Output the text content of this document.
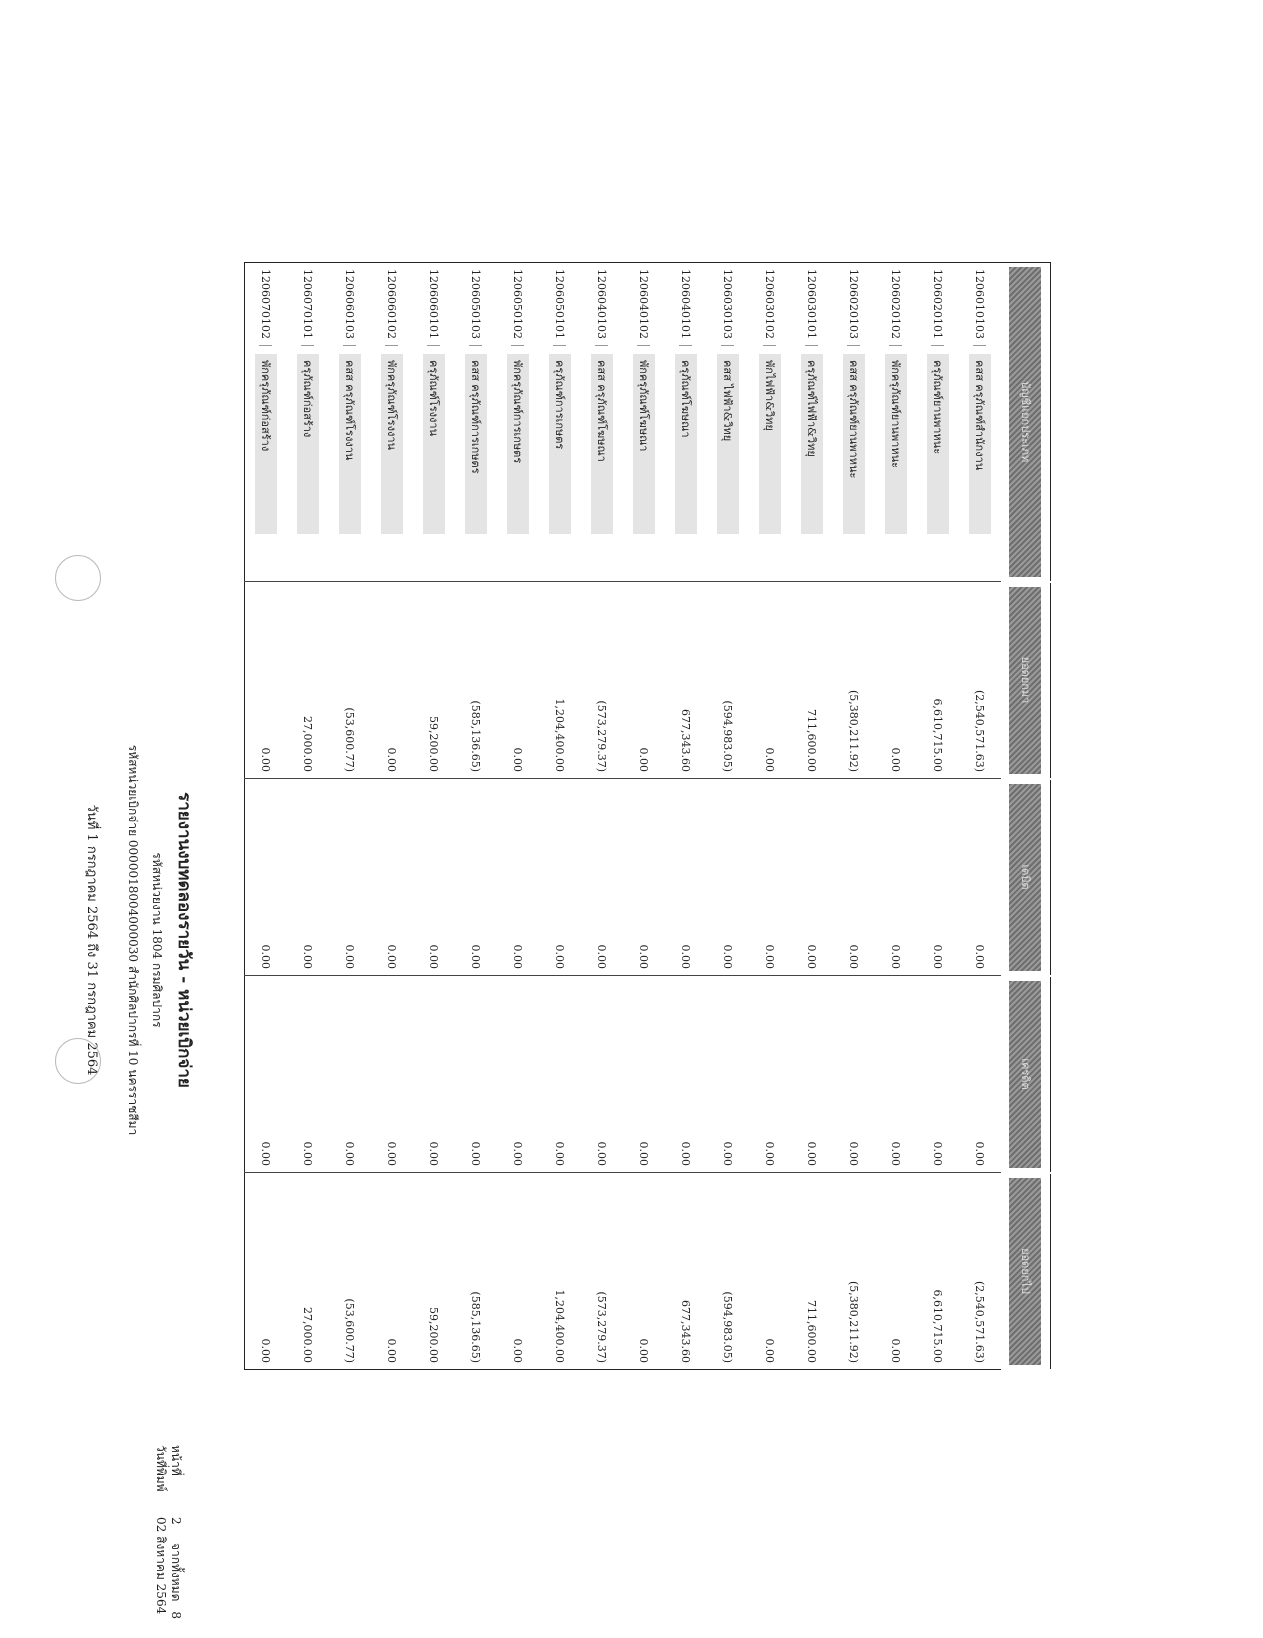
หน้าที่
2
จากทั้งหมด
8
วันที่พิมพ์
02 สิงหาคม 2564
รายงานงบทดลองรายวัน - หน่วยเบิกจ่าย
รหัสหน่วยงาน 1804 กรมศิลปากร
รหัสหน่วยเบิกจ่าย 0000018004000030 สำนักศิลปากรที่ 10 นครราชสีมา
วันที่ 1 กรกฎาคม 2564 ถึง 31 กรกฎาคม 2564
บัญชีแยกประเภท	ยอดยกมา	เดบิต	เครดิต	ยอดยกไป

1206010103คสส ครุภัณฑ์สำนักงาน	(2,540,571.63)	0.00	0.00	(2,540,571.63)
1206020101ครุภัณฑ์ยานพาหนะ	6,610,715.00	0.00	0.00	6,610,715.00
1206020102พักครุภัณฑ์ยานพาหนะ	0.00	0.00	0.00	0.00
1206020103คสส ครุภัณฑ์ยานพาหนะ	(5,380,211.92)	0.00	0.00	(5,380,211.92)
1206030101ครุภัณฑ์ไฟฟ้า&วิทยุ	711,600.00	0.00	0.00	711,600.00
1206030102พักไฟฟ้า&วิทยุ	0.00	0.00	0.00	0.00
1206030103คสส ไฟฟ้า&วิทยุ	(594,983.05)	0.00	0.00	(594,983.05)
1206040101ครุภัณฑ์โฆษณา	677,343.60	0.00	0.00	677,343.60
1206040102พักครุภัณฑ์โฆษณา	0.00	0.00	0.00	0.00
1206040103คสส ครุภัณฑ์โฆษณา	(573,279.37)	0.00	0.00	(573,279.37)
1206050101ครุภัณฑ์การเกษตร	1,204,400.00	0.00	0.00	1,204,400.00
1206050102พักครุภัณฑ์การเกษตร	0.00	0.00	0.00	0.00
1206050103คสส ครุภัณฑ์การเกษตร	(585,136.65)	0.00	0.00	(585,136.65)
1206060101ครุภัณฑ์โรงงาน	59,200.00	0.00	0.00	59,200.00
1206060102พักครุภัณฑ์โรงงาน	0.00	0.00	0.00	0.00
1206060103คสส ครุภัณฑ์โรงงาน	(53,600.77)	0.00	0.00	(53,600.77)
1206070101ครุภัณฑ์ก่อสร้าง	27,000.00	0.00	0.00	27,000.00
1206070102พักครุภัณฑ์ก่อสร้าง	0.00	0.00	0.00	0.00
